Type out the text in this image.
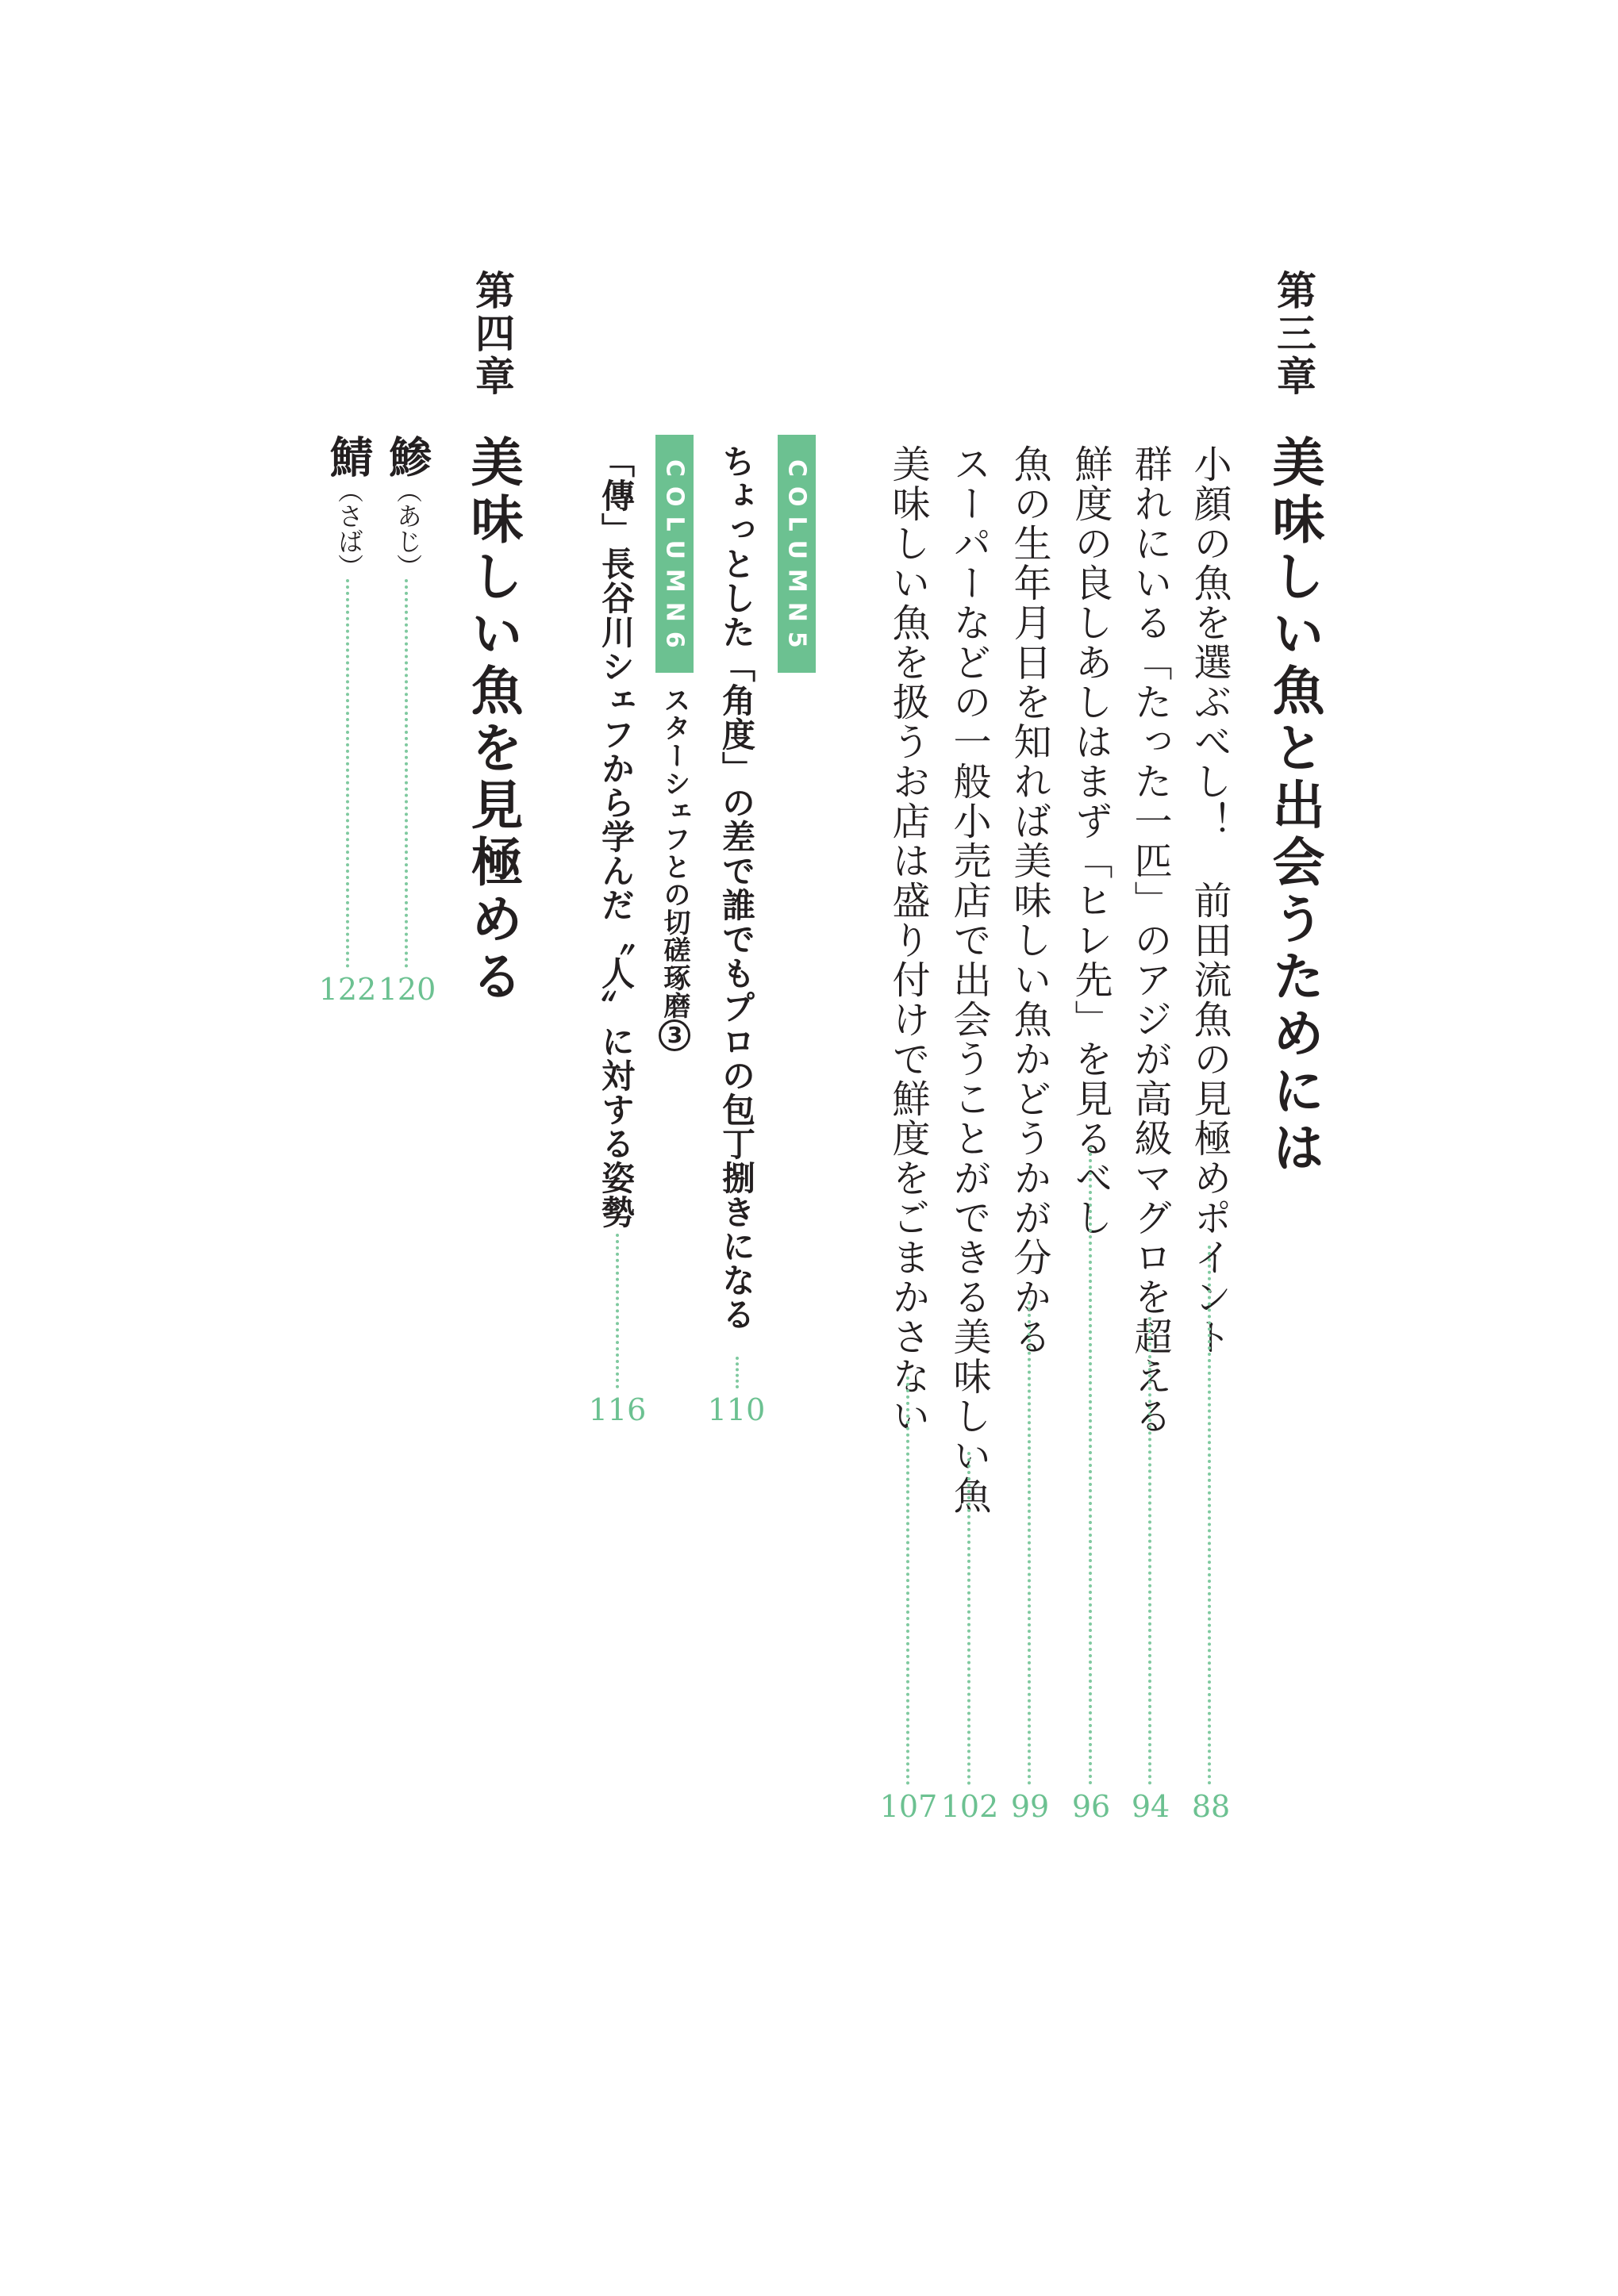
第三章
美味しい魚と出会うためには
小顔の魚を選ぶべし！　前田流魚の見極めポイント
88
群れにいる「たった一匹」のアジが高級マグロを超える
94
鮮度の良しあしはまず「ヒレ先」を見るべし
96
魚の生年月日を知れば美味しい魚かどうかが分かる
99
スーパーなどの一般小売店で出会うことができる美味しい魚
102
美味しい魚を扱うお店は盛り付けで鮮度をごまかさない
107
COLUMN5
ちょっとした「角度」の差で誰でもプロの包丁捌きになる
110
COLUMN6
スターシェフとの切磋琢磨3
「傳」長谷川シェフから学んだ〝人〟に対する姿勢
116
第四章
美味しい魚を見極める
鯵（あじ）
120
鯖（さば）
122
